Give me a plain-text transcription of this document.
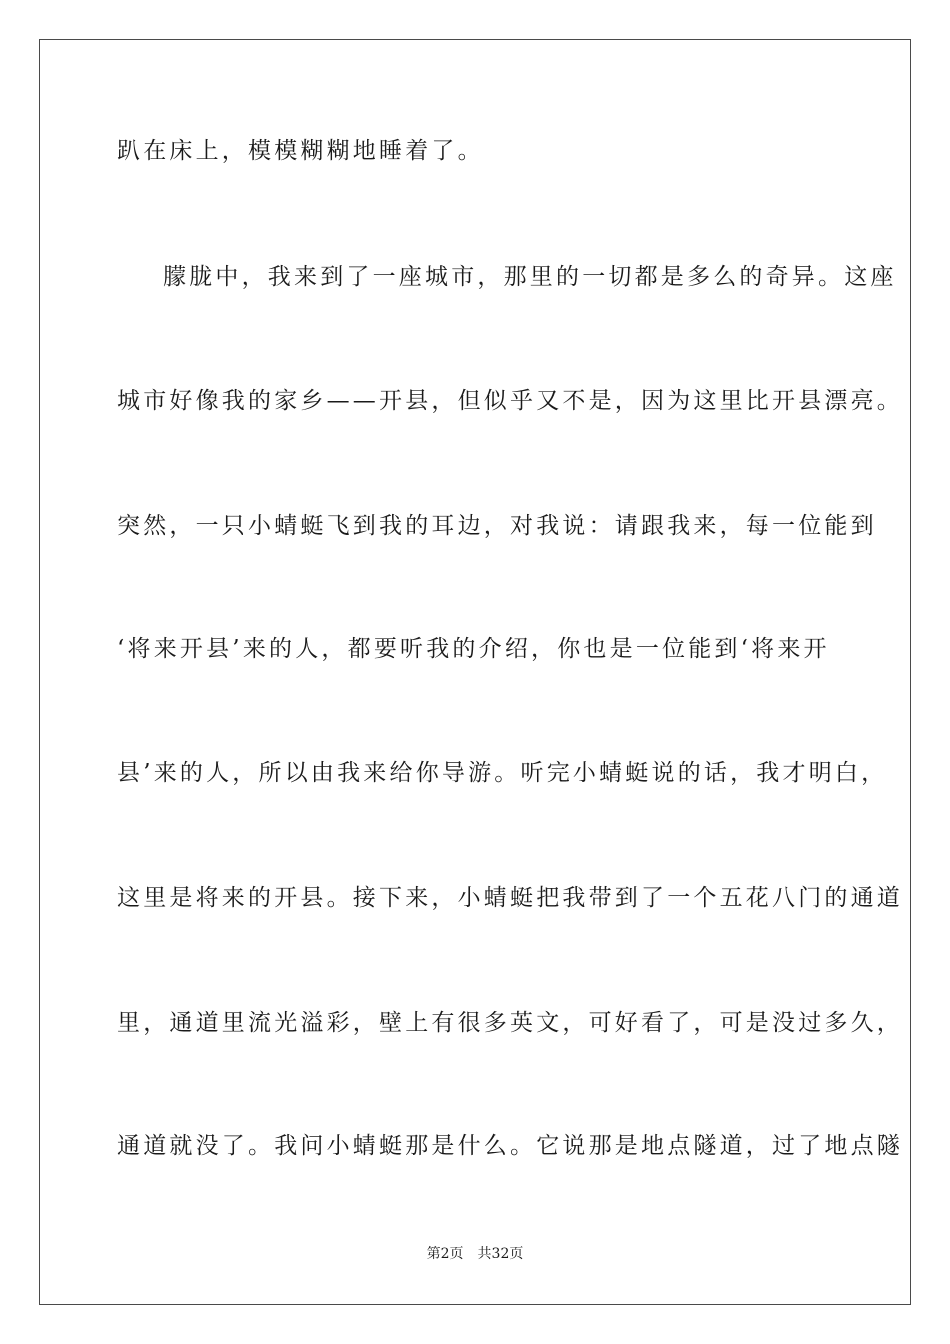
趴在床上，模模糊糊地睡着了。
朦胧中，我来到了一座城市，那里的一切都是多么的奇异。这座
城市好像我的家乡——开县，但似乎又不是，因为这里比开县漂亮。
突然，一只小蜻蜓飞到我的耳边，对我说：请跟我来，每一位能到
‘将来开县’来的人，都要听我的介绍，你也是一位能到‘将来开
县’来的人，所以由我来给你导游。听完小蜻蜓说的话，我才明白，
这里是将来的开县。接下来，小蜻蜓把我带到了一个五花八门的通道
里，通道里流光溢彩，壁上有很多英文，可好看了，可是没过多久，
通道就没了。我问小蜻蜓那是什么。它说那是地点隧道，过了地点隧
第2页 共32页
